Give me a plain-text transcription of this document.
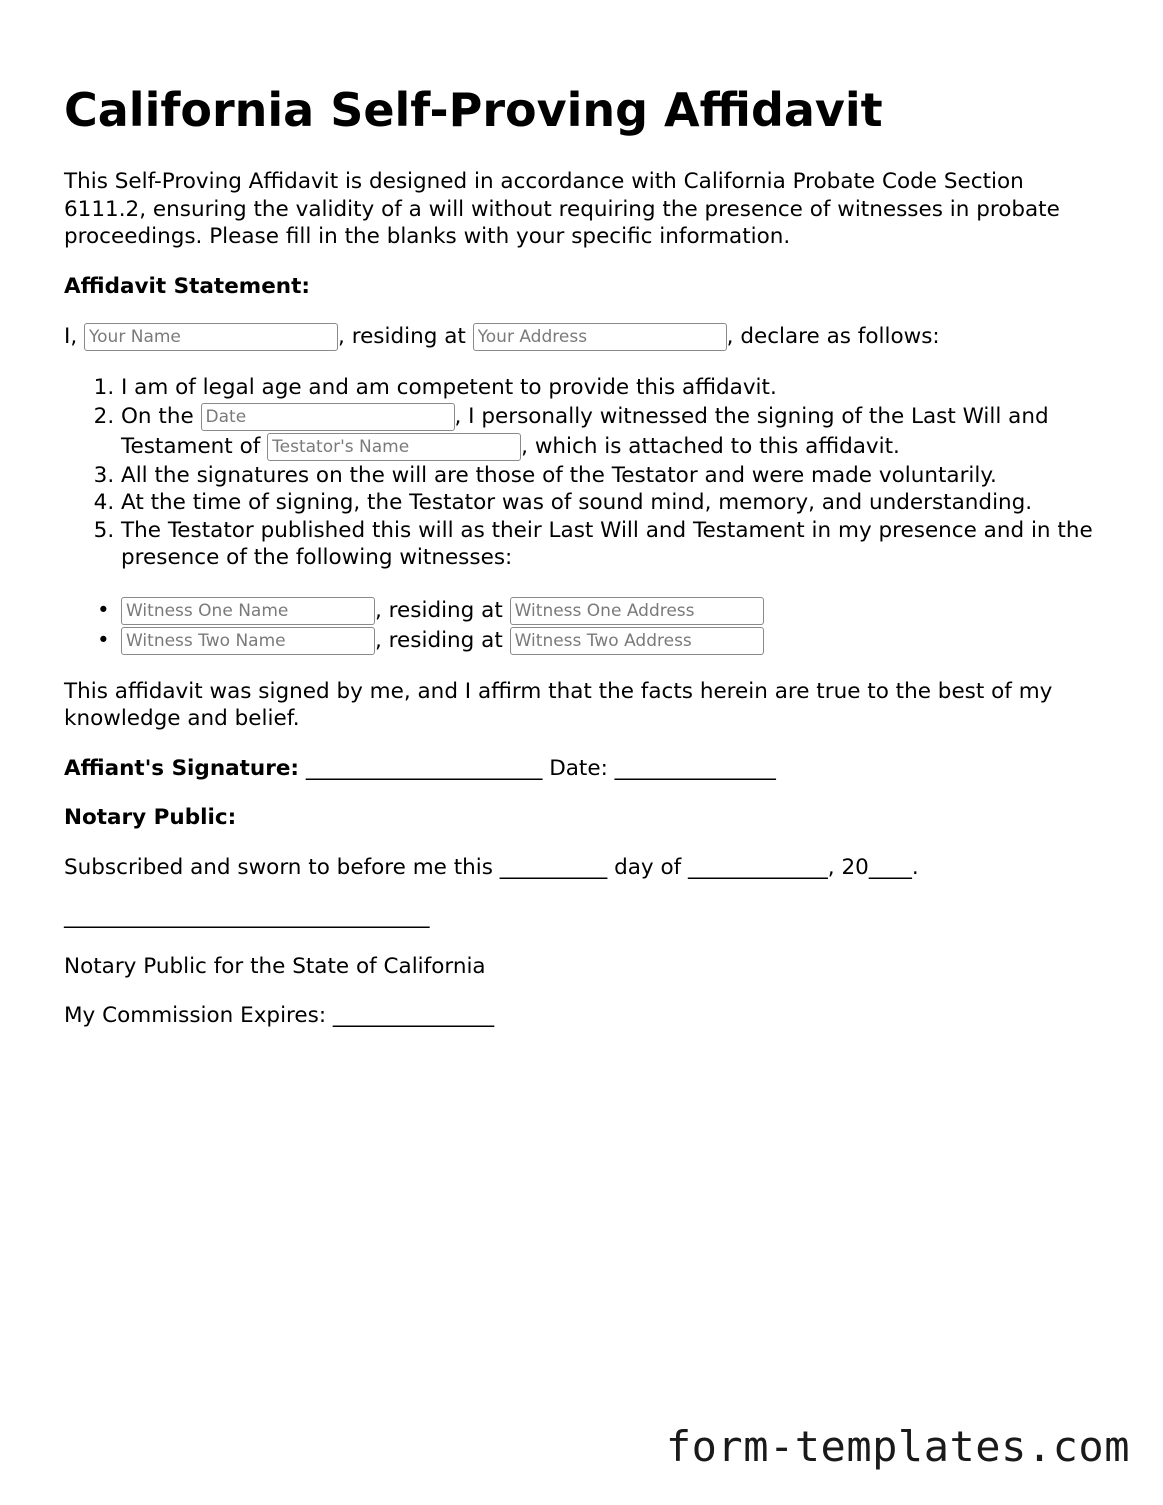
California Self-Proving Affidavit

This Self-Proving Affidavit is designed in accordance with California Probate Code Section 6111.2, ensuring the validity of a will without requiring the presence of witnesses in probate proceedings. Please fill in the blanks with your specific information.

Affidavit Statement:

I, Your Name	, residing at Your Address	, declare as follows:

1. I am of legal age and am competent to provide this affidavit.
2. On the Date	, I personally witnessed the signing of the Last Will and Testament of Testator's Name	, which is attached to this affidavit.
3. All the signatures on the will are those of the Testator and were made voluntarily.
4. At the time of signing, the Testator was of sound mind, memory, and understanding.
5. The Testator published this will as their Last Will and Testament in my presence and in the presence of the following witnesses:
•
Witness One Name	, residing at Witness One Address
•
Witness Two Name	, residing at Witness Two Address

This affidavit was signed by me, and I affirm that the facts herein are true to the best of my knowledge and belief.

Affiant's Signature: ______________________ Date: _______________

Notary Public:

Subscribed and sworn to before me this __________ day of _____________, 20____.

__________________________________

Notary Public for the State of California

My Commission Expires: _______________

form-templates.com
